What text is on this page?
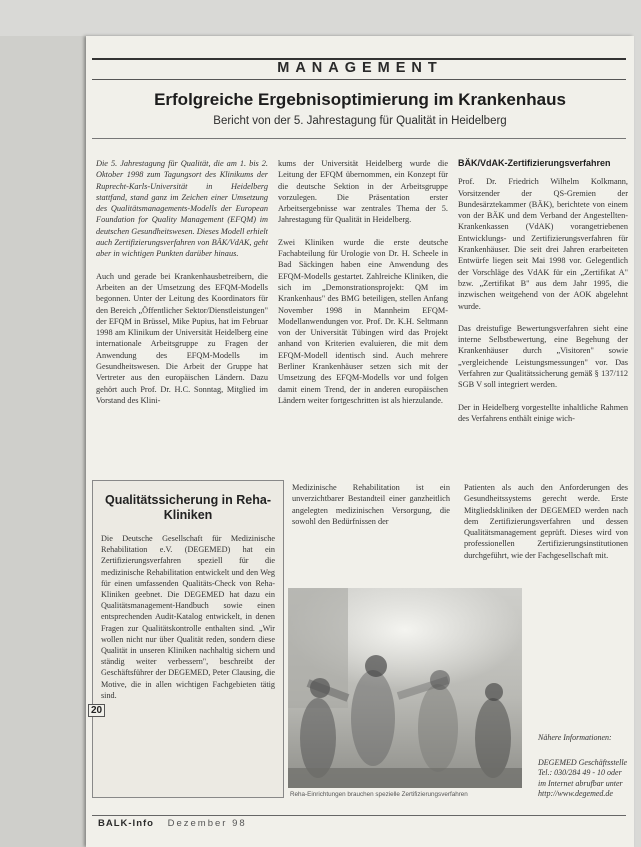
MANAGEMENT
Erfolgreiche Ergebnisoptimierung im Krankenhaus
Bericht von der 5. Jahrestagung für Qualität in Heidelberg

Die 5. Jahrestagung für Qualität, die am 1. bis 2. Oktober 1998 zum Tagungsort des Klinikums der Ruprecht-Karls-Universität in Heidelberg stattfand, stand ganz im Zeichen einer Umsetzung des Qualitätsmanagements-Modells der European Foundation for Quality Management (EFQM) im deutschen Gesundheitswesen. Dieses Modell erhielt auch Zertifizierungsverfahren von BÄK/VdAK, geht aber in wichtigen Punkten darüber hinaus.

Auch und gerade bei Krankenhausbetreibern, die Arbeiten an der Umsetzung des EFQM-Modells begonnen. Unter der Leitung des Koordinators für den Bereich „Öffentlicher Sektor/Dienstleistungen" der EFQM in Brüssel, Mike Pupius, hat im Februar 1998 am Klinikum der Universität Heidelberg eine internationale Arbeitsgruppe zu Fragen der Anwendung des EFQM-Modells im Gesundheitswesen. Die Arbeit der Gruppe hat Vertreter aus den europäischen Ländern. Dazu gehört auch Prof. Dr. H.C. Sonntag, Mitglied im Vorstand des Klini-

kums der Universität Heidelberg wurde die Leitung der EFQM übernommen, ein Konzept für die deutsche Sektion in der Arbeitsgruppe vorzulegen. Die Präsentation erster Arbeitsergebnisse war zentrales Thema der 5. Jahrestagung für Qualität in Heidelberg.

Zwei Kliniken wurde die erste deutsche Fachabteilung für Urologie von Dr. H. Scheele in Bad Säckingen haben eine Anwendung des EFQM-Modells gestartet. Zahlreiche Kliniken, die sich im „Demonstrationsprojekt: QM im Krankenhaus" des BMG beteiligen, stellen Anfang November 1998 in Mannheim EFQM-Modellanwendungen vor. Prof. Dr. K.H. Seltmann von der Universität Tübingen wird das Projekt anhand von Kriterien evaluieren, die mit dem EFQM-Modell identisch sind. Auch mehrere Berliner Krankenhäuser setzen sich mit der Umsetzung des EFQM-Modells vor und folgen damit einem Trend, der in anderen europäischen Ländern weiter fortgeschritten ist als hierzulande.

BÄK/VdAK-Zertifizierungsverfahren

Prof. Dr. Friedrich Wilhelm Kolkmann, Vorsitzender der QS-Gremien der Bundesärztekammer (BÄK), berichtete von einem von der BÄK und dem Verband der Angestellten-Krankenkassen (VdAK) vorangetriebenen Entwicklungs- und Zertifizierungsverfahren für Krankenhäuser. Die seit drei Jahren erarbeiteten Entwürfe liegen seit Mai 1998 vor. Gelegentlich der Vorschläge des VdAK für ein „Zertifikat A" bzw. „Zertifikat B" aus dem Jahr 1995, die inzwischen weitgehend von der AOK abgelehnt wurde.

Das dreistufige Bewertungsverfahren sieht eine interne Selbstbewertung, eine Begehung der Krankenhäuser durch „Visitoren" sowie „vergleichende Leistungsmessungen" vor. Das Verfahren zur Qualitätssicherung gemäß § 137/112 SGB V soll integriert werden.

Der in Heidelberg vorgestellte inhaltliche Rahmen des Verfahrens enthält einige wich-

Qualitätssicherung in Reha-Kliniken
Die Deutsche Gesellschaft für Medizinische Rehabilitation e.V. (DEGEMED) hat ein Zertifizierungsverfahren speziell für die medizinische Rehabilitation entwickelt und den Weg für einen umfassenden Qualitäts-Check von Reha-Kliniken geebnet. Die DEGEMED hat dazu ein Qualitätsmanagement-Handbuch sowie einen entsprechenden Audit-Katalog entwickelt, in denen Fragen zur Qualitätskontrolle enthalten sind. „Wir wollen nicht nur über Qualität reden, sondern diese Qualität in unseren Kliniken nachhaltig sichern und ständig weiter verbessern", beschreibt der Geschäftsführer der DEGEMED, Peter Clausing, die Motive, die in allen wichtigen Fachgebieten tätig sind.

Medizinische Rehabilitation ist ein unverzichtbarer Bestandteil einer ganzheitlich angelegten medizinischen Versorgung, die sowohl den Bedürfnissen der

Patienten als auch den Anforderungen des Gesundheitssystems gerecht werde. Erste Mitgliedskliniken der DEGEMED werden nach dem Zertifizierungsverfahren und dessen Qualitätsmanagement geprüft. Dieses wird von professionellen Zertifizierungsinstitutionen durchgeführt, wie der Fachgesellschaft mit.

Reha-Einrichtungen brauchen spezielle Zertifizierungsverfahren
Nähere Informationen:
DEGEMED Geschäftsstelle Tel.: 030/284 49 - 10 oder im Internet abrufbar unter http://www.degemed.de
20
BALK-Info Dezember 98
